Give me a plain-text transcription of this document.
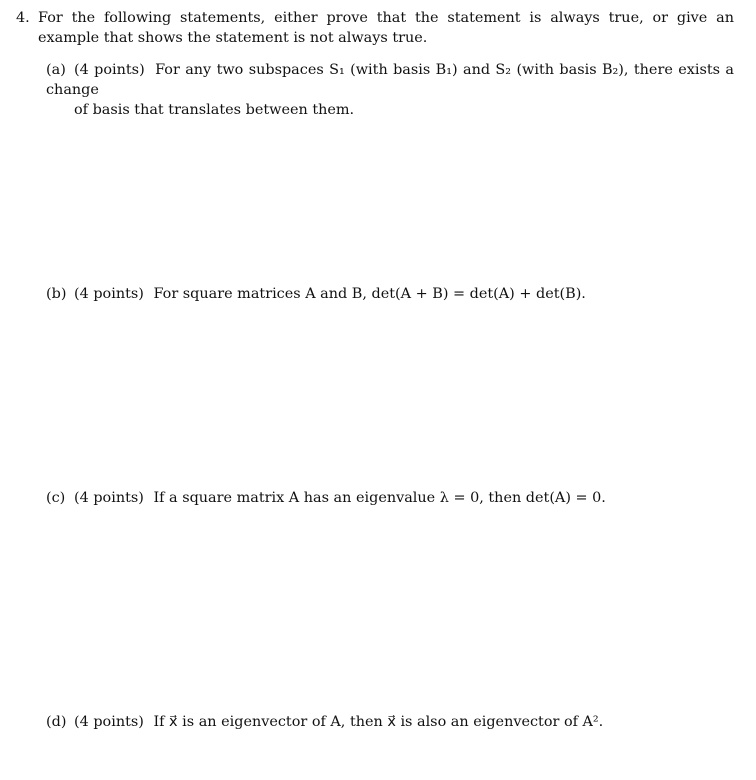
4. For the following statements, either prove that the statement is always true, or give an example that shows the statement is not always true.
(a) (4 points) For any two subspaces S₁ (with basis B₁) and S₂ (with basis B₂), there exists a change
of basis that translates between them.
(b) (4 points) For square matrices A and B, det(A + B) = det(A) + det(B).
(c) (4 points) If a square matrix A has an eigenvalue λ = 0, then det(A) = 0.
(d) (4 points) If x⃗ is an eigenvector of A, then x⃗ is also an eigenvector of A².
